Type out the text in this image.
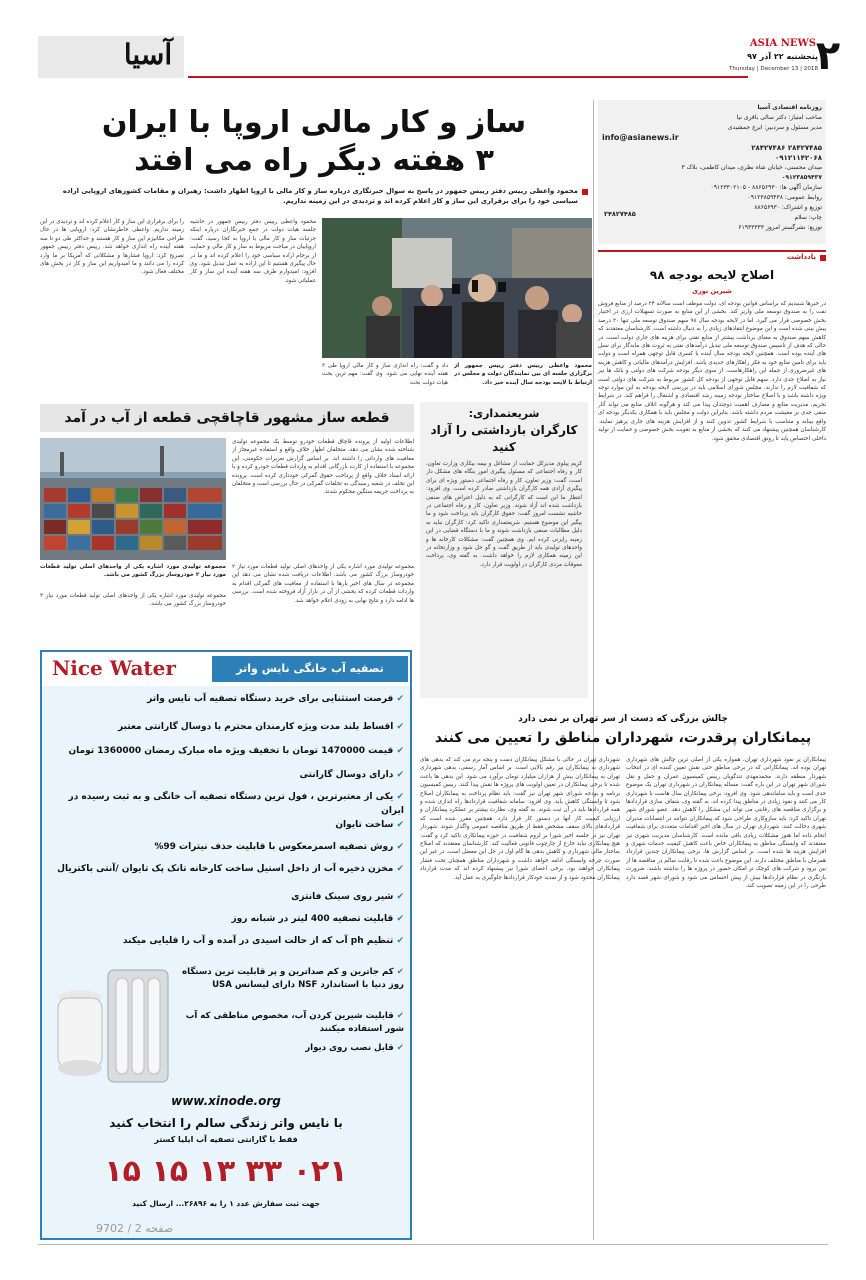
آسیا	ASIA NEWS
پنجشنبه ۲۲ آذر ۹۷
Thursday | December 13 | 2018
۲
روزنامه اقتصادی آسیا
صاحب امتیاز: دکتر سالی باقری نیا
مدیر مسئول و سردبیر: ایرج جمشیدی
info@asianews.ir
۲۸۴۲۷۴۸۵ ۲۸۴۲۷۴۸۶
۰۹۱۲۱۱۴۲۰۶۸
میدان محسنی، خیابان شاه نظری، میدان کاظمی، بلاک ۳
۰۹۱۲۳۸۵۹۴۳۷
سازمان آگهی ها: ۸۸۶۵۶۹۳۰ - ۰۹۱۲۳۳۰۲۱۰۵
روابط عمومی: ۰۹۱۲۳۸۵۹۴۳۸
توزیع و اشتراک: ۸۸۶۵۶۹۳۰
چاپ: سلام
توزیع: نشرگستر امروز ۶۱۹۳۳۳۳۳
۲۴۸۲۷۴۸۵
یادداشت
اصلاح لایحه بودجه ۹۸
شیرین نوری
در خبرها شنیدیم که براساس قوانین بودجه ای، دولت موظف است سالانه ۲۴ درصد از منابع فروش نفت را به صندوق توسعه ملی واریز کند. بخشی از این منابع به صورت تسهیلات ارزی در اختیار بخش خصوصی قرار می گیرد. اما در لایحه بودجه سال ۹۸ سهم صندوق توسعه ملی تنها ۲۰ درصد پیش بینی شده است و این موضوع انتقادهای زیادی را به دنبال داشته است. کارشناسان معتقدند که کاهش سهم صندوق به معنای برداشت بیشتر از منابع نفتی برای هزینه های جاری دولت است. در حالی که هدف از تاسیس صندوق توسعه ملی تبدیل درآمدهای نفتی به ثروت های ماندگار برای نسل های آینده بوده است. همچنین لایحه بودجه سال آینده با کسری قابل توجهی همراه است و دولت باید برای تامین منابع خود به فکر راهکارهای جدیدی باشد. افزایش درآمدهای مالیاتی و کاهش هزینه های غیرضروری از جمله این راهکارهاست. از سوی دیگر بودجه شرکت های دولتی و بانک ها نیز نیاز به اصلاح جدی دارد. سهم قابل توجهی از بودجه کل کشور مربوط به شرکت های دولتی است که شفافیت لازم را ندارند. مجلس شورای اسلامی باید در بررسی لایحه بودجه به این موارد توجه ویژه داشته باشد و با اصلاح ساختار بودجه زمینه رشد اقتصادی و اشتغال را فراهم کند. در شرایط تحریم، مدیریت منابع و مصارف اهمیت دوچندان پیدا می کند و هرگونه اتلاف منابع می تواند آثار منفی جدی بر معیشت مردم داشته باشد. بنابراین دولت و مجلس باید با همکاری یکدیگر بودجه ای واقع بینانه و متناسب با شرایط کشور تدوین کنند و از افزایش هزینه های جاری پرهیز نمایند. کارشناسان همچنین پیشنهاد می کنند که بخشی از منابع به تقویت بخش خصوصی و حمایت از تولید داخلی اختصاص یابد تا رونق اقتصادی محقق شود.
ساز و کار مالی اروپا با ایران
۳ هفته دیگر راه می افتد
محمود واعظی رییس دفتر رییس جمهور در پاسخ به سوال خبرنگاری درباره ساز و کار مالی با اروپا اظهار داشت: رهبران و مقامات کشورهای اروپایی اراده سیاسی خود را برای برقراری این ساز و کار اعلام کرده اند و تردیدی در این زمینه نداریم.
محمود واعظی رییس دفتر رییس جمهور از برگزاری جلسه ای بین نمایندگان دولت و مجلس در ارتباط با لایحه بودجه سال آینده خبر داد.
داد و گفت: راه اندازی ساز و کار مالی اروپا طی ۳ هفته آینده نهایی می شود. وی گفت: مهم ترین بحث هیات دولت بحث
محمود واعظی رییس دفتر رییس جمهور در حاشیه جلسه هیات دولت در جمع خبرنگاران درباره اینکه جزئیات ساز و کار مالی با اروپا به کجا رسید، گفت: اروپاییان در مباحث مربوط به ساز و کار مالی و حمایت از برجام اراده سیاسی خود را اعلام کرده اند و ما در حال پیگیری هستیم تا این اراده به عمل تبدیل شود. وی افزود: امیدوارم ظرف سه هفته آینده این ساز و کار عملیاتی شود.
را برای برقراری این ساز و کار اعلام کرده اند و تردیدی در این زمینه نداریم. واعظی خاطرنشان کرد: اروپایی ها در حال طراحی مکانیزم این ساز و کار هستند و حداکثر طی دو تا سه هفته آینده راه اندازی خواهد شد. رییس دفتر رییس جمهور تصریح کرد: اروپا فشارها و مشکلاتی که آمریکا بر ما وارد کرده را می دانند و ما امیدواریم این ساز و کار در بخش های مختلف فعال شود.
شریعتمداری:
کارگران بازداشتی را آزاد کنید
کریم پیلوی مدیرکل حمایت از مشاغل و بیمه بیکاری وزارت تعاون، کار و رفاه اجتماعی که مسئول پیگیری امور بنگاه های مشکل دار است، گفت: وزیر تعاون، کار و رفاه اجتماعی دستور ویژه ای برای پیگیری آزادی همه کارگران بازداشتی صادر کرده است. وی افزود: انتظار ما این است که کارگرانی که به دلیل اعتراض های صنفی بازداشت شده اند آزاد شوند. وزیر تعاون، کار و رفاه اجتماعی در حاشیه نشست امروز گفت: حقوق کارگران باید پرداخت شود و ما پیگیر این موضوع هستیم. شریعتمداری تاکید کرد: کارگران نباید به دلیل مطالبات صنفی بازداشت شوند و ما با دستگاه قضایی در این زمینه رایزنی کرده ایم. وی همچنین گفت: مشکلات کارخانه ها و واحدهای تولیدی باید از طریق گفت و گو حل شود و وزارتخانه در این زمینه همکاری لازم را خواهد داشت. به گفته وی، پرداخت معوقات مزدی کارگران در اولویت قرار دارد.
قطعه ساز مشهور قاچاقچی قطعه از آب در آمد
مجموعه تولیدی مورد اشاره یکی از واحدهای اصلی تولید قطعات مورد نیاز ۲ خودروساز بزرگ کشور می باشد.
اطلاعات اولیه از پرونده قاچاق قطعات خودرو توسط یک مجموعه تولیدی شناخته شده نشان می دهد، متخلفان اظهار خلاف واقع و استفاده غیرمجاز از معافیت های وارداتی را داشته اند. بر اساس گزارش تعزیرات حکومتی، این مجموعه با استفاده از کارت بازرگانی اقدام به واردات قطعات خودرو کرده و با ارائه اسناد خلاف واقع از پرداخت حقوق گمرکی خودداری کرده است. پرونده این تخلف در شعبه رسیدگی به تخلفات گمرکی در حال بررسی است و متخلفان به پرداخت جریمه سنگین محکوم شدند.
مجموعه تولیدی مورد اشاره یکی از واحدهای اصلی تولید قطعات مورد نیاز ۲ خودروساز بزرگ کشور می باشد. اطلاعات دریافت شده نشان می دهد این مجموعه در سال های اخیر بارها با استفاده از معافیت های گمرکی اقدام به واردات قطعات کرده که بخشی از آن در بازار آزاد فروخته شده است. بررسی ها ادامه دارد و نتایج نهایی به زودی اعلام خواهد شد.
مجموعه تولیدی مورد اشاره یکی از واحدهای اصلی تولید قطعات مورد نیاز ۲ خودروساز بزرگ کشور می باشد.
چالش بزرگی که دست از سر تهران بر نمی دارد
پیمانکاران پرقدرت، شهرداران مناطق را تعیین می کنند
پیمانکاران پر نفوذ شهرداری تهران، همواره یکی از اصلی ترین چالش های شهرداری تهران بوده اند. پیمانکارانی که در برخی مناطق حتی نقش تعیین کننده ای در انتخاب شهردار منطقه دارند. محمدمهدی تندگویان رییس کمیسیون عمران و حمل و نقل شورای شهر تهران در این باره گفت: مساله پیمانکاران در شهرداری تهران یک موضوع جدی است و باید ساماندهی شود. وی افزود: برخی پیمانکاران سال هاست با شهرداری کار می کنند و نفوذ زیادی در مناطق پیدا کرده اند. به گفته وی، شفاف سازی قراردادها و برگزاری مناقصه های رقابتی می تواند این مشکل را کاهش دهد. عضو شورای شهر تهران تاکید کرد: باید سازوکاری طراحی شود که پیمانکاران نتوانند در انتصابات مدیران شهری دخالت کنند. شهرداری تهران در سال های اخیر اقدامات متعددی برای شفافیت انجام داده اما هنوز مشکلات زیادی باقی مانده است. کارشناسان مدیریت شهری نیز معتقدند که وابستگی مناطق به پیمانکاران خاص باعث کاهش کیفیت خدمات شهری و افزایش هزینه ها شده است. بر اساس گزارش ها، برخی پیمانکاران چندین قرارداد همزمان با مناطق مختلف دارند. این موضوع باعث شده تا رقابت سالم در مناقصه ها از بین برود و شرکت های کوچک تر امکان حضور در پروژه ها را نداشته باشند. ضرورت بازنگری در نظام قراردادها بیش از پیش احساس می شود و شورای شهر قصد دارد طرحی را در این زمینه تصویب کند.
شهرداری تهران در حالی با مشکل پیمانکاران دست و پنجه نرم می کند که بدهی های شهرداری به پیمانکاران نیز رقم بالایی است. بر اساس آمار رسمی، بدهی شهرداری تهران به پیمانکاران بیش از هزاران میلیارد تومان برآورد می شود. این بدهی ها باعث شده تا برخی پیمانکاران در تعیین اولویت های پروژه ها نقش پیدا کنند. رییس کمیسیون برنامه و بودجه شورای شهر تهران نیز گفت: باید نظام پرداخت به پیمانکاران اصلاح شود تا وابستگی کاهش یابد. وی افزود: سامانه شفافیت قراردادها راه اندازی شده و همه قراردادها باید در آن ثبت شوند. به گفته وی، نظارت بیشتر بر عملکرد پیمانکاران و ارزیابی کیفیت کار آنها در دستور کار قرار دارد. همچنین مقرر شده است که قراردادهای بالای سقف مشخص فقط از طریق مناقصه عمومی واگذار شوند. شهردار تهران نیز در جلسه اخیر شورا بر لزوم شفافیت در حوزه پیمانکاری تاکید کرد و گفت: هیچ پیمانکاری نباید خارج از چارچوب قانونی فعالیت کند. کارشناسان معتقدند که اصلاح ساختار مالی شهرداری و کاهش بدهی ها گام اول در حل این معضل است. در غیر این صورت چرخه وابستگی ادامه خواهد داشت و شهرداران مناطق همچنان تحت فشار پیمانکاران خواهند بود. برخی اعضای شورا نیز پیشنهاد کرده اند که مدت قرارداد پیمانکاران محدود شود و از تمدید خودکار قراردادها جلوگیری به عمل آید.
Nice Water	تصفیه آب خانگی نایس واتر
✔ فرصت استثنایی برای خرید دستگاه تصفیه آب نایس واتر
✔ اقساط بلند مدت ویژه کارمندان محترم با دوسال گارانتی معتبر
✔ قیمت 1470000 تومان با تخفیف ویژه ماه مبارک رمضان 1360000 تومان
✔ دارای دوسال گارانتی
✔ یکی از معتبرترین ، فول ترین دستگاه تصفیه آب خانگی و به ثبت رسیده در ایران
✔ ساخت تایوان
✔ روش تصفیه اسمزمعکوس با قابلیت حذف نیترات 99%
✔ مخزن ذخیره آب از داخل استیل ساخت کارخانه تانک پک تایوان /آنتی باکتریال
✔ شیر روی سینک فانتزی
✔ قابلیت تصفیه 400 لیتر در شبانه روز
✔ تنظیم ph آب که از حالت اسیدی در آمده و آب را قلیایی میکند
✔ کم جاترین و کم صداترین و پر قابلیت ترین دستگاه روز دنیا با استاندارد NSF دارای لیسانس USA
✔ قابلیت شیرین کردن آب، مخصوص مناطقی که آب شور استفاده میکنند
✔ قابل نصب روی دیوار
www.xinode.org
با نایس واتر زندگی سالم را انتخاب کنید
فقط با گارانتی تصفیه آب ایلیا کستر
۰۲۱ ۳۳ ۱۳ ۱۵ ۱۵
جهت ثبت سفارش عدد ۱ را به ۲۶۸۹۶... ارسال کنید
صفحه 2 / 9702
